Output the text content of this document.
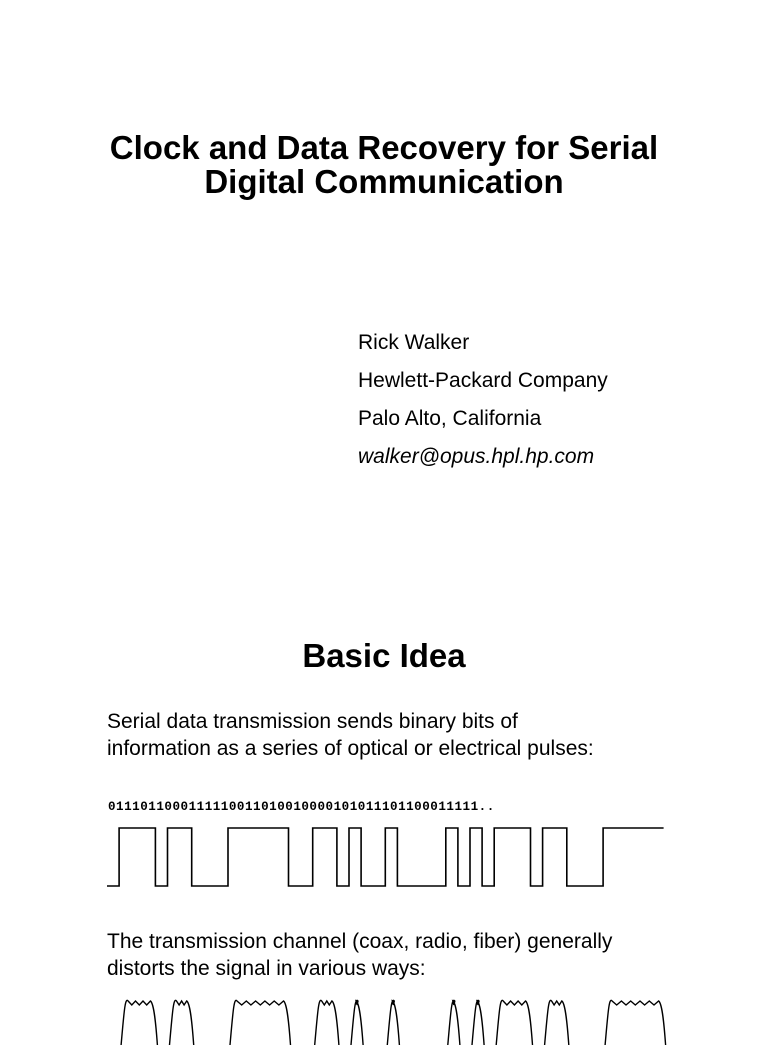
Clock and Data Recovery for Serial
Digital Communication
Rick Walker
Hewlett-Packard Company
Palo Alto, California
walker@opus.hpl.hp.com
Basic Idea
Serial data transmission sends binary bits of
information as a series of optical or electrical pulses:
0111011000111110011010010000101011101100011111..
The transmission channel (coax, radio, fiber) generally
distorts the signal in various ways:
